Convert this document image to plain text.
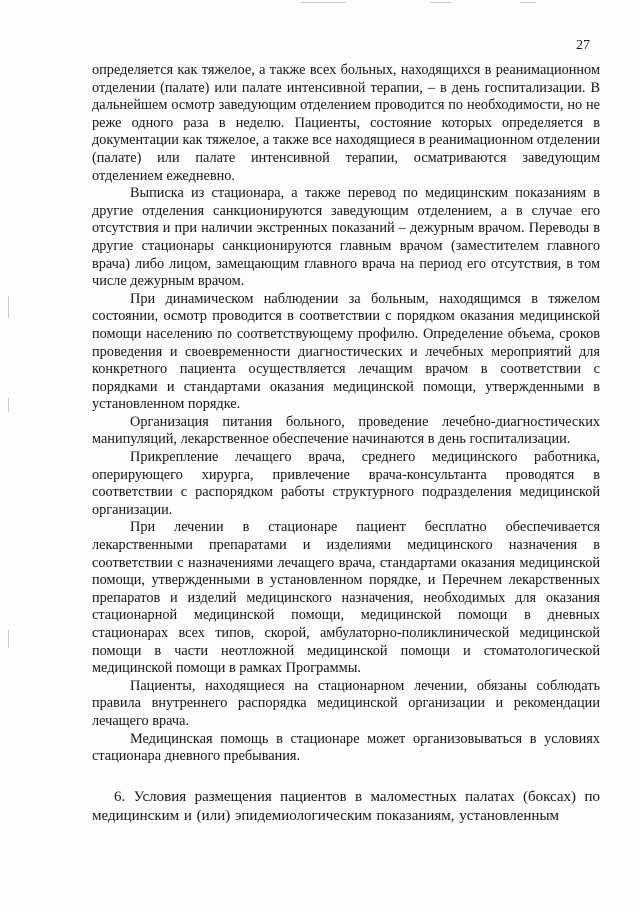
27

определяется как тяжелое, а также всех больных, находящихся в реанимационном отделении (палате) или палате интенсивной терапии, – в день госпитализации. В дальнейшем осмотр заведующим отделением проводится по необходимости, но не реже одного раза в неделю. Пациенты, состояние которых определяется в документации как тяжелое, а также все находящиеся в реанимационном отделении (палате) или палате интенсивной терапии, осматриваются заведующим отделением ежедневно.

Выписка из стационара, а также перевод по медицинским показаниям в другие отделения санкционируются заведующим отделением, а в случае его отсутствия и при наличии экстренных показаний – дежурным врачом. Переводы в другие стационары санкционируются главным врачом (заместителем главного врача) либо лицом, замещающим главного врача на период его отсутствия, в том числе дежурным врачом.

При динамическом наблюдении за больным, находящимся в тяжелом состоянии, осмотр проводится в соответствии с порядком оказания медицинской помощи населению по соответствующему профилю. Определение объема, сроков проведения и своевременности диагностических и лечебных мероприятий для конкретного пациента осуществляется лечащим врачом в соответствии с порядками и стандартами оказания медицинской помощи, утвержденными в установленном порядке.

Организация питания больного, проведение лечебно-диагностических манипуляций, лекарственное обеспечение начинаются в день госпитализации.

Прикрепление лечащего врача, среднего медицинского работника, оперирующего хирурга, привлечение врача-консультанта проводятся в соответствии с распорядком работы структурного подразделения медицинской организации.

При лечении в стационаре пациент бесплатно обеспечивается лекарственными препаратами и изделиями медицинского назначения в соответствии с назначениями лечащего врача, стандартами оказания медицинской помощи, утвержденными в установленном порядке, и Перечнем лекарственных препаратов и изделий медицинского назначения, необходимых для оказания стационарной медицинской помощи, медицинской помощи в дневных стационарах всех типов, скорой, амбулаторно-поликлинической медицинской помощи в части неотложной медицинской помощи и стоматологической медицинской помощи в рамках Программы.

Пациенты, находящиеся на стационарном лечении, обязаны соблюдать правила внутреннего распорядка медицинской организации и рекомендации лечащего врача.

Медицинская помощь в стационаре может организовываться в условиях стационара дневного пребывания.

6. Условия размещения пациентов в маломестных палатах (боксах) по медицинским и (или) эпидемиологическим показаниям, установленным
